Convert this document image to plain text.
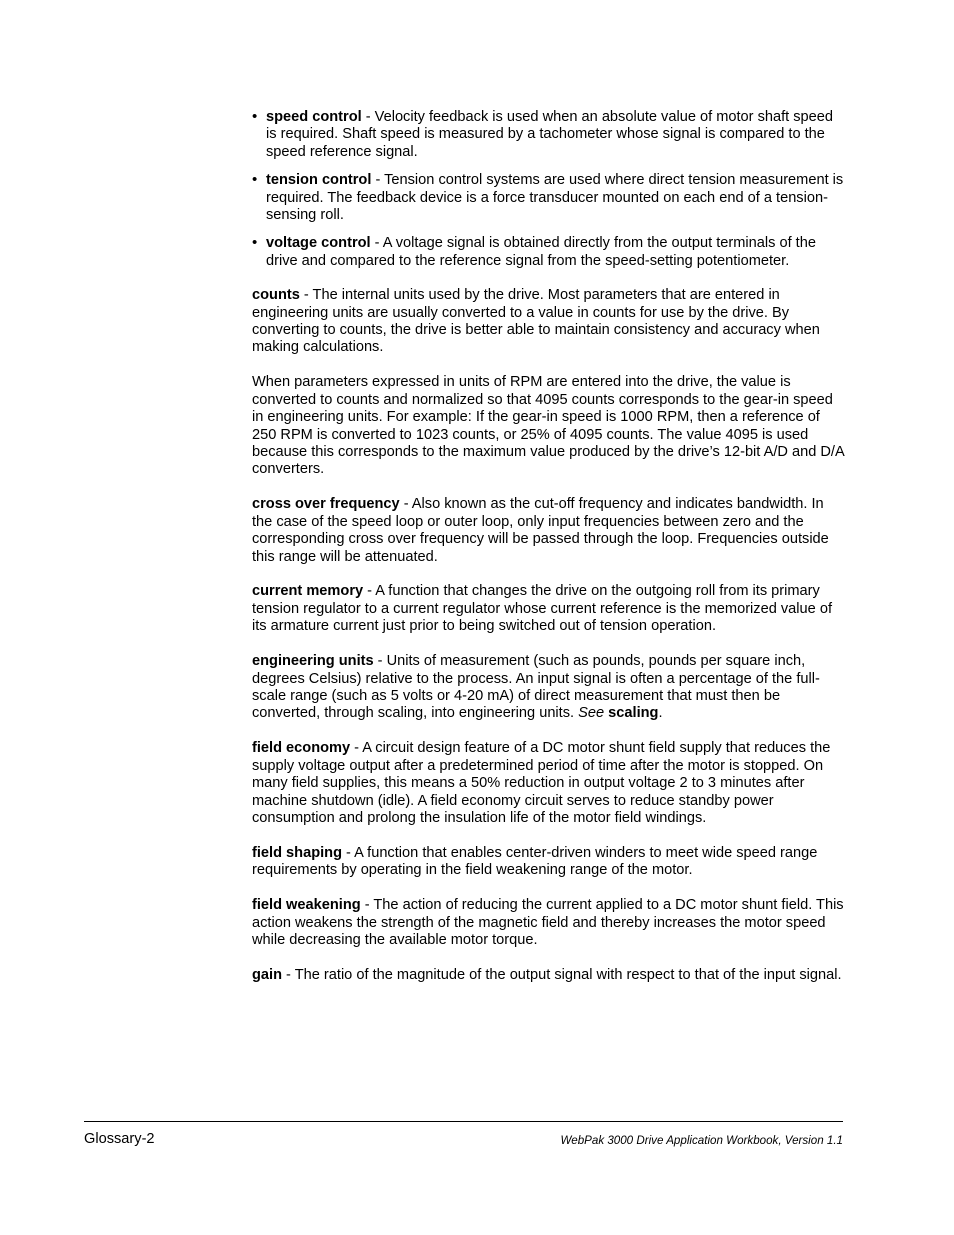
• speed control - Velocity feedback is used when an absolute value of motor shaft speed is required. Shaft speed is measured by a tachometer whose signal is compared to the speed reference signal.
• tension control - Tension control systems are used where direct tension measurement is required. The feedback device is a force transducer mounted on each end of a tension-sensing roll.
• voltage control - A voltage signal is obtained directly from the output terminals of the drive and compared to the reference signal from the speed-setting potentiometer.

counts - The internal units used by the drive. Most parameters that are entered in engineering units are usually converted to a value in counts for use by the drive. By converting to counts, the drive is better able to maintain consistency and accuracy when making calculations.

When parameters expressed in units of RPM are entered into the drive, the value is converted to counts and normalized so that 4095 counts corresponds to the gear-in speed in engineering units. For example: If the gear-in speed is 1000 RPM, then a reference of 250 RPM is converted to 1023 counts, or 25% of 4095 counts. The value 4095 is used because this corresponds to the maximum value produced by the drive’s 12-bit A/D and D/A converters.

cross over frequency - Also known as the cut-off frequency and indicates bandwidth. In the case of the speed loop or outer loop, only input frequencies between zero and the corresponding cross over frequency will be passed through the loop. Frequencies outside this range will be attenuated.

current memory - A function that changes the drive on the outgoing roll from its primary tension regulator to a current regulator whose current reference is the memorized value of its armature current just prior to being switched out of tension operation.

engineering units - Units of measurement (such as pounds, pounds per square inch, degrees Celsius) relative to the process. An input signal is often a percentage of the full-scale range (such as 5 volts or 4-20 mA) of direct measurement that must then be converted, through scaling, into engineering units. See scaling.

field economy - A circuit design feature of a DC motor shunt field supply that reduces the supply voltage output after a predetermined period of time after the motor is stopped. On many field supplies, this means a 50% reduction in output voltage 2 to 3 minutes after machine shutdown (idle). A field economy circuit serves to reduce standby power consumption and prolong the insulation life of the motor field windings.

field shaping - A function that enables center-driven winders to meet wide speed range requirements by operating in the field weakening range of the motor.

field weakening - The action of reducing the current applied to a DC motor shunt field. This action weakens the strength of the magnetic field and thereby increases the motor speed while decreasing the available motor torque.

gain - The ratio of the magnitude of the output signal with respect to that of the input signal.

Glossary-2	WebPak 3000 Drive Application Workbook, Version 1.1
